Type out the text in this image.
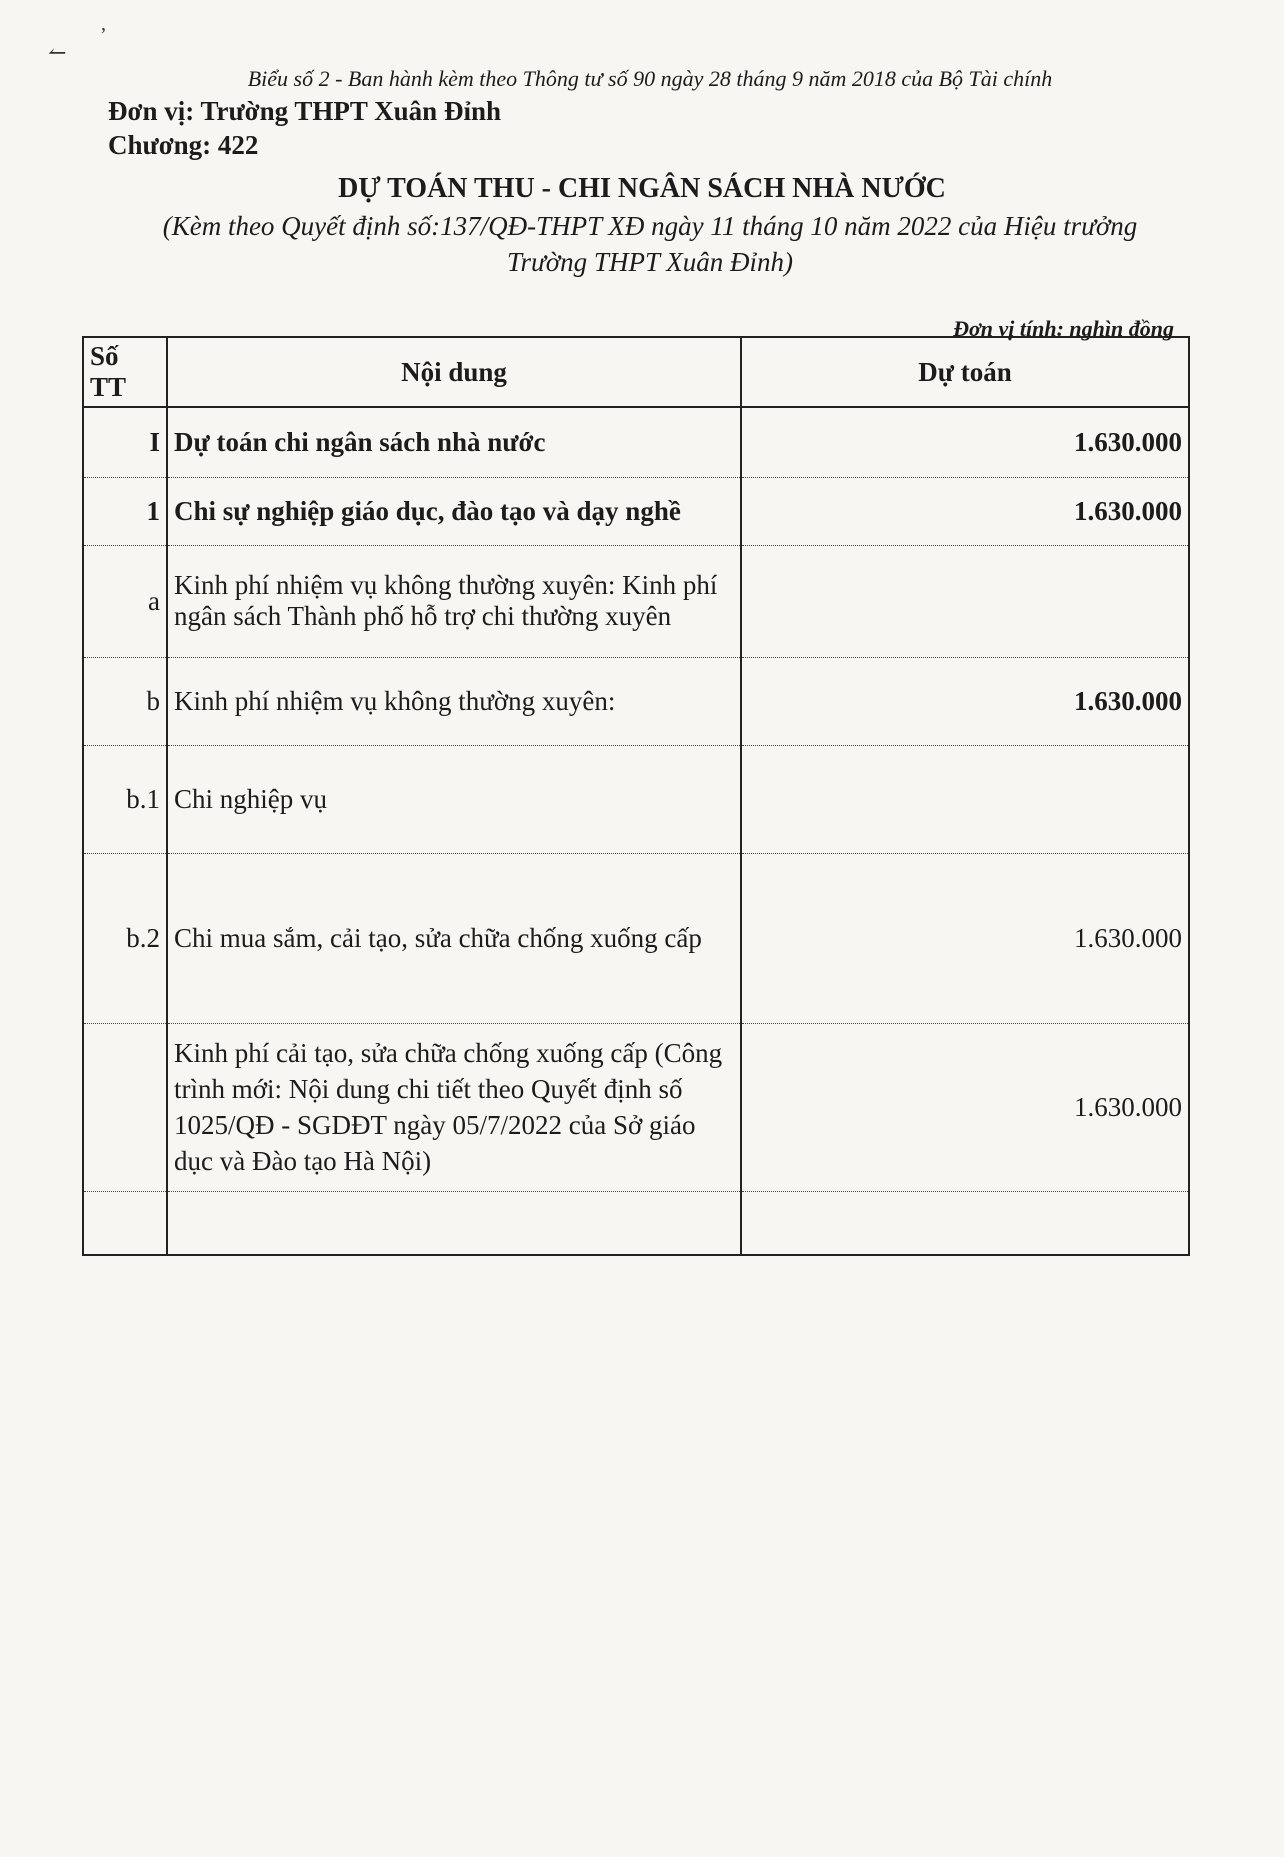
↼
’
Biểu số 2 - Ban hành kèm theo Thông tư số 90 ngày 28 tháng 9 năm 2018 của Bộ Tài chính
Đơn vị: Trường THPT Xuân Đỉnh
Chương: 422
DỰ TOÁN THU - CHI NGÂN SÁCH NHÀ NƯỚC
(Kèm theo Quyết định số:137/QĐ-THPT XĐ ngày 11 tháng 10 năm 2022 của Hiệu trưởng
Trường THPT Xuân Đỉnh)
Đơn vị tính: nghìn đồng
Số TT	Nội dung	Dự toán
I	Dự toán chi ngân sách nhà nước	1.630.000
1	Chi sự nghiệp giáo dục, đào tạo và dạy nghề	1.630.000
a	Kinh phí nhiệm vụ không thường xuyên: Kinh phí ngân sách Thành phố hỗ trợ chi thường xuyên	
b	Kinh phí nhiệm vụ không thường xuyên:	1.630.000
b.1	Chi nghiệp vụ	
b.2	Chi mua sắm, cải tạo, sửa chữa chống xuống cấp	1.630.000
	Kinh phí cải tạo, sửa chữa chống xuống cấp (Công trình mới: Nội dung chi tiết theo Quyết định số 1025/QĐ - SGDĐT ngày 05/7/2022 của Sở giáo dục và Đào tạo Hà Nội)	1.630.000
